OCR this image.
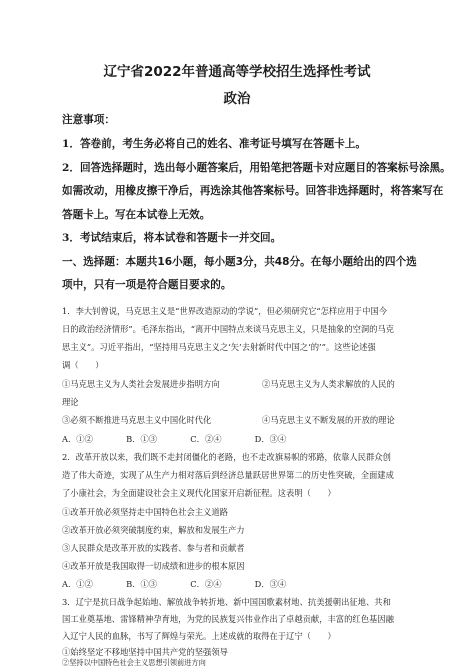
辽宁省2022年普通高等学校招生选择性考试
政治
注意事项：
1．答卷前，考生务必将自己的姓名、准考证号填写在答题卡上。
2．回答选择题时，选出每小题答案后，用铅笔把答题卡对应题目的答案标号涂黑。
如需改动，用橡皮擦干净后，再选涂其他答案标号。回答非选择题时，将答案写在
答题卡上。写在本试卷上无效。
3．考试结束后，将本试卷和答题卡一并交回。
一、选择题：本题共16小题，每小题3分，共48分。在每小题给出的四个选
项中，只有一项是符合题目要求的。
1．李大钊曾说，马克思主义是“世界改造原动的学说”，但必须研究它“怎样应用于中国今
日的政治经济情形”。毛泽东指出，“离开中国特点来谈马克思主义，只是抽象的空洞的马克
思主义”。习近平指出，“坚持用马克思主义之‘矢’去射新时代中国之‘的’”。这些论述强
调（　　）
①马克思主义为人类社会发展进步指明方向	②马克思主义为人类求解放的人民的
理论
③必须不断推进马克思主义中国化时代化	④马克思主义不断发展的开放的理论
A．①②　　　　B．①③　　　　C．②④　　　　D．③④
2．改革开放以来，我们既不走封闭僵化的老路，也不走改旗易帜的邪路，依靠人民群众创
造了伟大奇迹，实现了从生产力相对落后到经济总量跃居世界第二的历史性突破，全面建成
了小康社会，为全面建设社会主义现代化国家开启新征程。这表明（　　）
①改革开放必须坚持走中国特色社会主义道路
②改革开放必须突破制度约束，解放和发展生产力
③人民群众是改革开放的实践者、参与者和贡献者
④改革开放是我国取得一切成绩和进步的根本原因
A．①②　　　　B．①③　　　　C．②④　　　　D．③④
3．辽宁是抗日战争起始地、解放战争转折地、新中国国歌素材地、抗美援朝出征地、共和
国工业奠基地、雷锋精神孕育地，为党的民族复兴伟业作出了卓越贡献，丰富的红色基因融
入辽宁人民的血脉，书写了辉煌与荣光。上述成就的取得在于辽宁（　　）
①始终坚定不移地坚持中国共产党的坚强领导
②坚持以中国特色社会主义思想引领前进方向
